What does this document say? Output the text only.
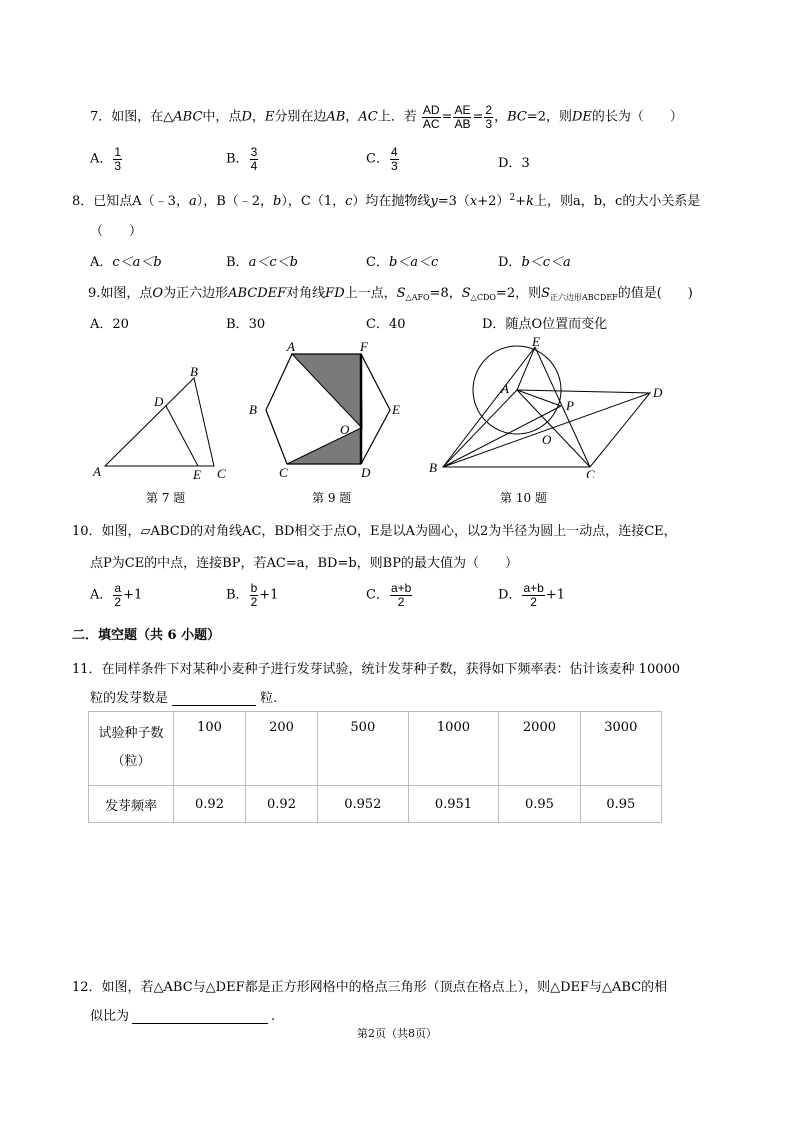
7．如图，在△ABC中，点D，E分别在边AB，AC上．若 $\frac{AD}{AC} = \frac{AE}{AB} = \frac{2}{3}$ ，BC=2，则DE的长为（　　）
A． $\frac{1}{3}$	B． $\frac{3}{4}$	C． $\frac{4}{3}$	D．3
8．已知点A（﹣3，a），B（﹣2，b），C（1，c）均在抛物线$y=3(x+2)^2+k$上，则a，b，c的大小关系是
（　　）
A．c＜a＜b	B．a＜c＜b	C．b＜a＜c	D．b＜c＜a
9.如图，点O为正六边形ABCDEF对角线FD上一点，$S_{\triangle AFO}=8$，$S_{\triangle CDO}=2$，则$S_{正六边形ABCDEF}$的值是(　　)
A．20	B．30	C．40	D．随点O位置而变化
A
B
C
D
E
第 7 题
A
B
C	D
E
F
O
第 9 题
A
B	C
D
E
O
P
第 10 题
10．如图，▱ABCD的对角线AC，BD相交于点O，E是以A为圆心，以2为半径为圆上一动点，连接CE，
点P为CE的中点，连接BP，若AC=a，BD=b，则BP的最大值为（　　）
A． $\frac{a}{2} +1$	B． $\frac{b}{2} +1$	C． $\frac{a+b}{2}$	D． $\frac{a+b}{2} +1$
二．填空题（共 6 小题）
11．在同样条件下对某种小麦种子进行发芽试验，统计发芽种子数，获得如下频率表：估计该麦种 10000
粒的发芽数是	粒.
试验种子数
（粒）	100	200	500	1000	2000	3000
发芽频率	0.92	0.92	0.952	0.951	0.95	0.95
12．如图，若△ABC与△DEF都是正方形网格中的格点三角形（顶点在格点上），则△DEF与△ABC的相
似比为	.
第2页（共8页）
